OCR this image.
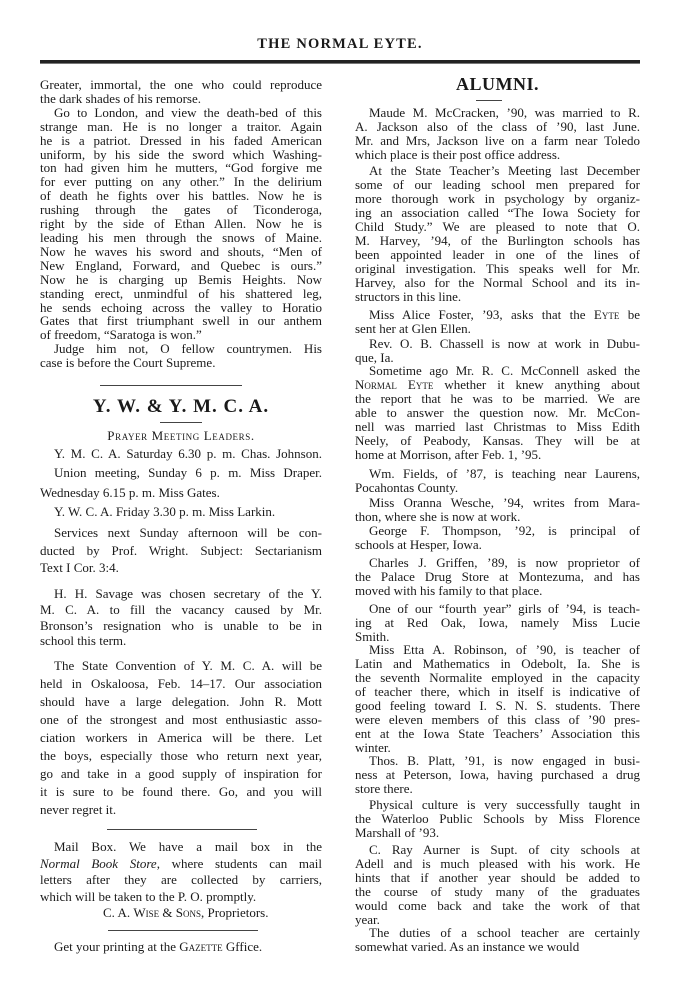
THE NORMAL EYTE.
Greater, immortal, the one who could reproduce
the dark shades of his remorse.
Go to London, and view the death-bed of this
strange man. He is no longer a traitor. Again
he is a patriot. Dressed in his faded American
uniform, by his side the sword which Washing-
ton had given him he mutters, “God forgive me
for ever putting on any other.” In the delirium
of death he fights over his battles. Now he is
rushing through the gates of Ticonderoga,
right by the side of Ethan Allen. Now he is
leading his men through the snows of Maine.
Now he waves his sword and shouts, “Men of
New England, Forward, and Quebec is ours.”
Now he is charging up Bemis Heights. Now
standing erect, unmindful of his shattered leg,
he sends echoing across the valley to Horatio
Gates that first triumphant swell in our anthem
of freedom, “Saratoga is won.”
Judge him not, O fellow countrymen. His
case is before the Court Supreme.
Y. W. & Y. M. C. A.
Prayer Meeting Leaders.
Y. M. C. A. Saturday 6.30 p. m. Chas. Johnson.
Union meeting, Sunday 6 p. m. Miss Draper.
Wednesday 6.15 p. m. Miss Gates.
Y. W. C. A. Friday 3.30 p. m. Miss Larkin.
Services next Sunday afternoon will be con-
ducted by Prof. Wright. Subject: Sectarianism
Text I Cor. 3:4.
H. H. Savage was chosen secretary of the Y.
M. C. A. to fill the vacancy caused by Mr.
Bronson’s resignation who is unable to be in
school this term.
The State Convention of Y. M. C. A. will be
held in Oskaloosa, Feb. 14–17. Our association
should have a large delegation. John R. Mott
one of the strongest and most enthusiastic asso-
ciation workers in America will be there. Let
the boys, especially those who return next year,
go and take in a good supply of inspiration for
it is sure to be found there. Go, and you will
never regret it.
Mail Box. We have a mail box in the
Normal Book Store, where students can mail
letters after they are collected by carriers,
which will be taken to the P. O. promptly.
C. A. Wise & Sons, Proprietors.
Get your printing at the Gazette Gffice.
ALUMNI.
Maude M. McCracken, ’90, was married to R.
A. Jackson also of the class of ’90, last June.
Mr. and Mrs, Jackson live on a farm near Toledo
which place is their post office address.
At the State Teacher’s Meeting last December
some of our leading school men prepared for
more thorough work in psychology by organiz-
ing an association called “The Iowa Society for
Child Study.” We are pleased to note that O.
M. Harvey, ’94, of the Burlington schools has
been appointed leader in one of the lines of
original investigation. This speaks well for Mr.
Harvey, also for the Normal School and its in-
structors in this line.
Miss Alice Foster, ’93, asks that the Eyte be
sent her at Glen Ellen.
Rev. O. B. Chassell is now at work in Dubu-
que, Ia.
Sometime ago Mr. R. C. McConnell asked the
Normal Eyte whether it knew anything about
the report that he was to be married. We are
able to answer the question now. Mr. McCon-
nell was married last Christmas to Miss Edith
Neely, of Peabody, Kansas. They will be at
home at Morrison, after Feb. 1, ’95.
Wm. Fields, of ’87, is teaching near Laurens,
Pocahontas County.
Miss Oranna Wesche, ’94, writes from Mara-
thon, where she is now at work.
George F. Thompson, ’92, is principal of
schools at Hesper, Iowa.
Charles J. Griffen, ’89, is now proprietor of
the Palace Drug Store at Montezuma, and has
moved with his family to that place.
One of our “fourth year” girls of ’94, is teach-
ing at Red Oak, Iowa, namely Miss Lucie
Smith.
Miss Etta A. Robinson, of ’90, is teacher of
Latin and Mathematics in Odebolt, Ia. She is
the seventh Normalite employed in the capacity
of teacher there, which in itself is indicative of
good feeling toward I. S. N. S. students. There
were eleven members of this class of ’90 pres-
ent at the Iowa State Teachers’ Association this
winter.
Thos. B. Platt, ’91, is now engaged in busi-
ness at Peterson, Iowa, having purchased a drug
store there.
Physical culture is very successfully taught in
the Waterloo Public Schools by Miss Florence
Marshall of ’93.
C. Ray Aurner is Supt. of city schools at
Adell and is much pleased with his work. He
hints that if another year should be added to
the course of study many of the graduates
would come back and take the work of that
year.
The duties of a school teacher are certainly
somewhat varied. As an instance we would
